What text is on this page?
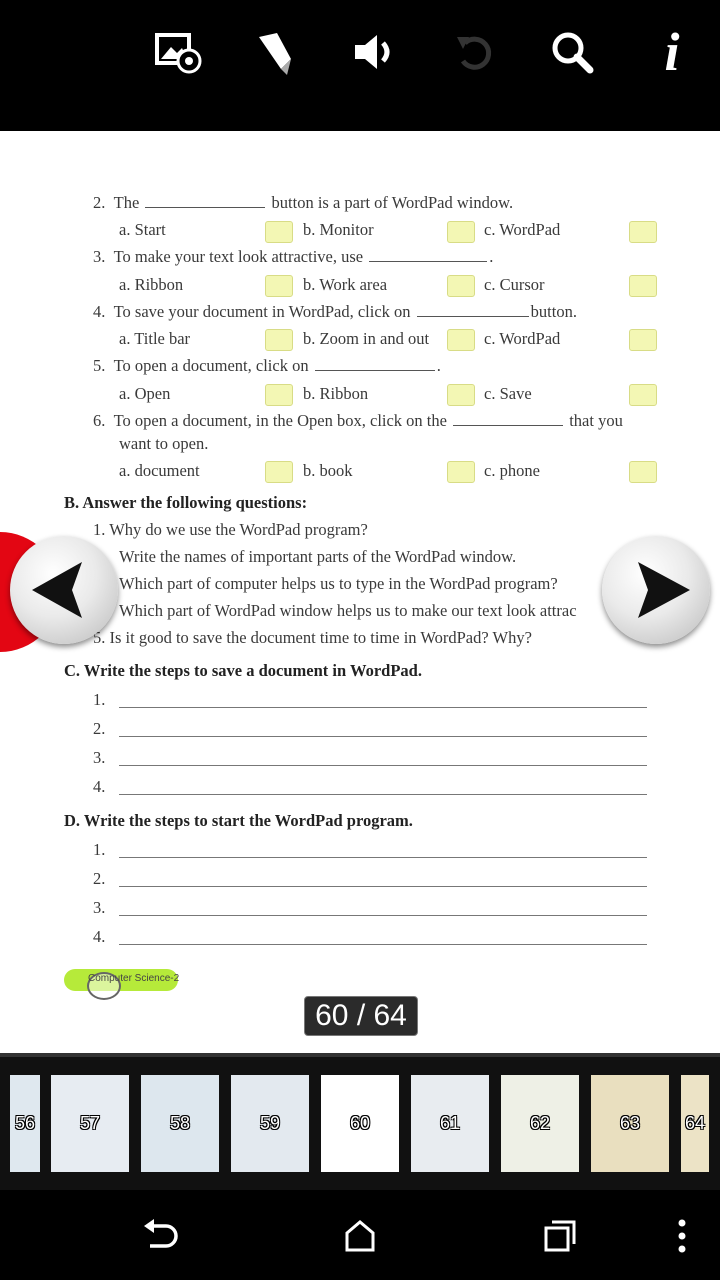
i
2. The	button is a part of WordPad window.
a. Start	b. Monitor	c. WordPad
3. To make your text look attractive, use	.
a. Ribbon	b. Work area	c. Cursor
4. To save your document in WordPad, click on	button.
a. Title bar	b. Zoom in and out	c. WordPad
5. To open a document, click on	.
a. Open	b. Ribbon	c. Save
6. To open a document, in the Open box, click on the	that you
want to open.
a. document	b. book	c. phone
B. Answer the following questions:
1. Why do we use the WordPad program?
Write the names of important parts of the WordPad window.
Which part of computer helps us to type in the WordPad program?
Which part of WordPad window helps us to make our text look attrac
5. Is it good to save the document time to time in WordPad? Why?
C. Write the steps to save a document in WordPad.
1.
2.
3.
4.
D. Write the steps to start the WordPad program.
1.
2.
3.
4.
Computer Science-2
60 / 64
56	57	58	59	60	61	62	63	64
